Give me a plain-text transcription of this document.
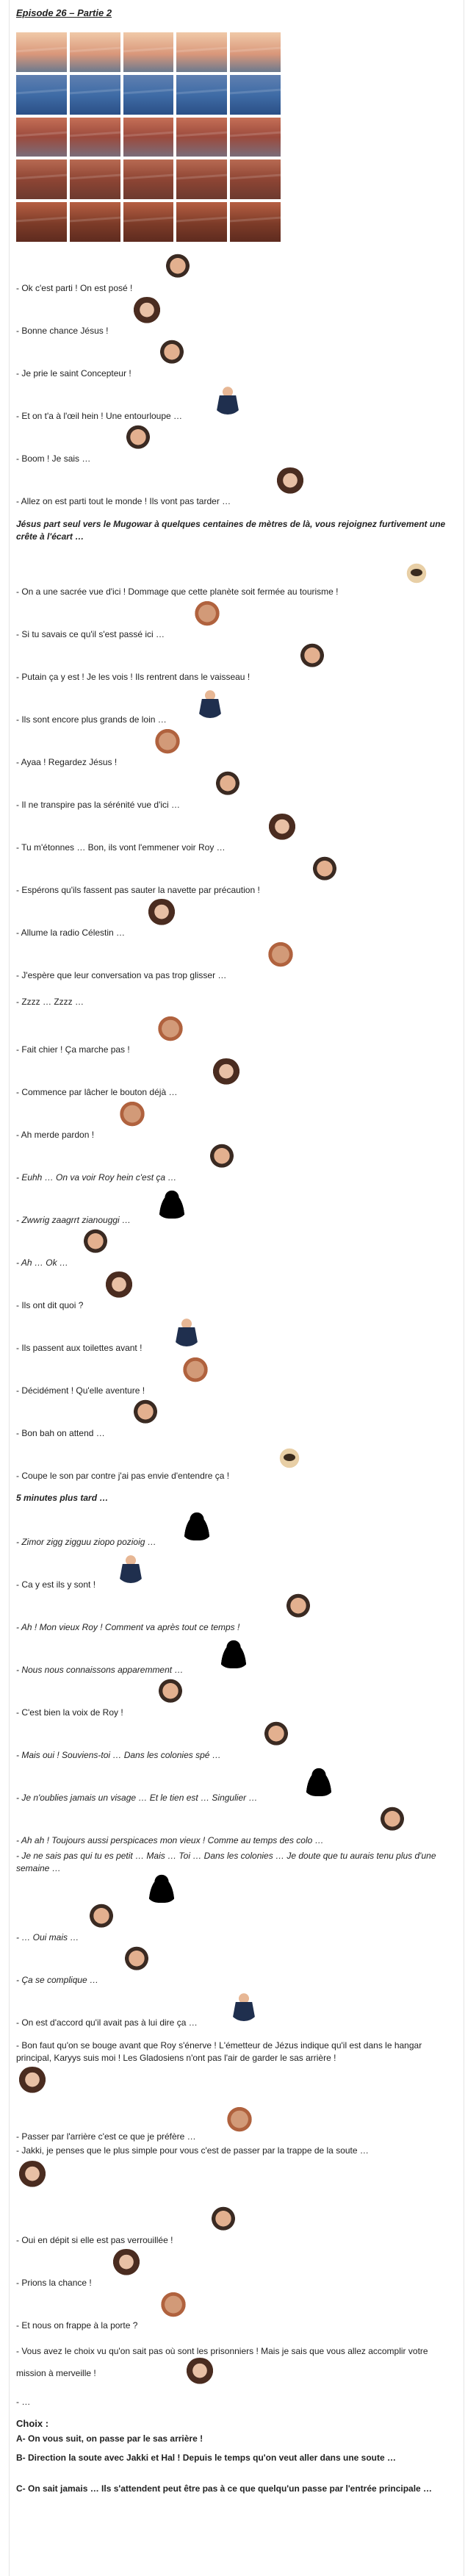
Episode 26 – Partie 2
- Ok c'est parti ! On est posé !
- Bonne chance Jésus !
- Je prie le saint Concepteur !
- Et on t'a à l'œil hein ! Une entourloupe …
- Boom ! Je sais …
- Allez on est parti tout le monde ! Ils vont pas tarder …
Jésus part seul vers le Mugowar à quelques centaines de mètres de là, vous rejoignez furtivement une crête à l'écart …
- On a une sacrée vue d'ici ! Dommage que cette planète soit fermée au tourisme !
- Si tu savais ce qu'il s'est passé ici …
- Putain ça y est ! Je les vois ! Ils rentrent dans le vaisseau !
- Ils sont encore plus grands de loin …
- Ayaa ! Regardez Jésus !
- Il ne transpire pas la sérénité vue d'ici …
- Tu m'étonnes … Bon, ils vont l'emmener voir Roy …
- Espérons qu'ils fassent pas sauter la navette par précaution !
- Allume la radio Célestin …
- J'espère que leur conversation va pas trop glisser …
- Zzzz … Zzzz …
- Fait chier ! Ça marche pas !
- Commence par lâcher le bouton déjà …
- Ah merde pardon !
- Euhh … On va voir Roy hein c'est ça …
- Zwwrig zaagrrt zianouggi …
- Ah … Ok …
- Ils ont dit quoi ?
- Ils passent aux toilettes avant !
- Décidément ! Qu'elle aventure !
- Bon bah on attend …
- Coupe le son par contre j'ai pas envie d'entendre ça !
5 minutes plus tard …
- Zimor zigg zigguu ziopo pozioig …
- Ca y est ils y sont !
- Ah ! Mon vieux Roy ! Comment va après tout ce temps !
- Nous nous connaissons apparemment …
- C'est bien la voix de Roy !
- Mais oui ! Souviens-toi … Dans les colonies spé …
- Je n'oublies jamais un visage … Et le tien est … Singulier …
- Ah ah ! Toujours aussi perspicaces mon vieux ! Comme au temps des colo …
- Je ne sais pas qui tu es petit … Mais … Toi … Dans les colonies … Je doute que tu aurais tenu plus d'une semaine …
- … Oui mais …
- Ça se complique …
- On est d'accord qu'il avait pas à lui dire ça …
- Bon faut qu'on se bouge avant que Roy s'énerve ! L'émetteur de Jézus indique qu'il est dans le hangar principal, Karyys suis moi ! Les Gladosiens n'ont pas l'air de garder le sas arrière !
- Passer par l'arrière c'est ce que je préfère …
- Jakki, je penses que le plus simple pour vous c'est de passer par la trappe de la soute …
- Oui en dépit si elle est pas verrouillée !
- Prions la chance !
- Et nous on frappe à la porte ?
- Vous avez le choix vu qu'on sait pas où sont les prisonniers ! Mais je sais que vous allez accomplir votre mission à merveille !
- …
Choix :
A- On vous suit, on passe par le sas arrière !
B- Direction la soute avec Jakki et Hal ! Depuis le temps qu'on veut aller dans une soute …
C- On sait jamais … Ils s'attendent peut être pas à ce que quelqu'un passe par l'entrée principale …
